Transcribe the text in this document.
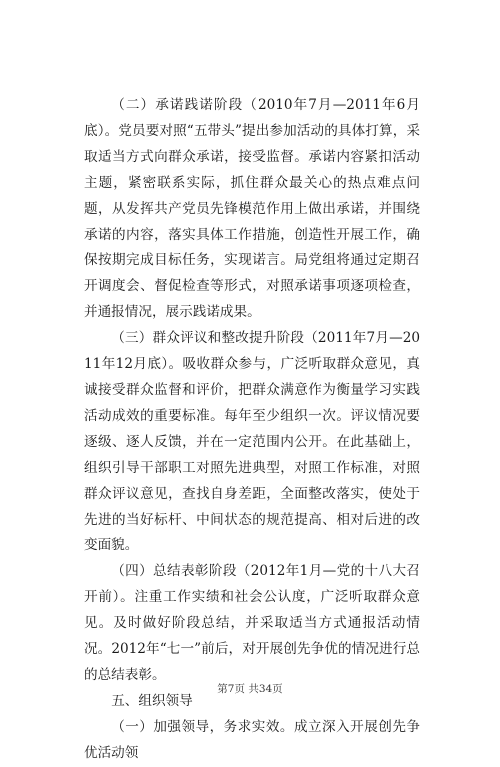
（二）承诺践诺阶段（2010年7月—2011年6月底）。党员要对照“五带头”提出参加活动的具体打算，采取适当方式向群众承诺，接受监督。承诺内容紧扣活动主题，紧密联系实际，抓住群众最关心的热点难点问题，从发挥共产党员先锋模范作用上做出承诺，并围绕承诺的内容，落实具体工作措施，创造性开展工作，确保按期完成目标任务，实现诺言。局党组将通过定期召开调度会、督促检查等形式，对照承诺事项逐项检查，并通报情况，展示践诺成果。

（三）群众评议和整改提升阶段（2011年7月—2011年12月底）。吸收群众参与，广泛听取群众意见，真诚接受群众监督和评价，把群众满意作为衡量学习实践活动成效的重要标准。每年至少组织一次。评议情况要逐级、逐人反馈，并在一定范围内公开。在此基础上，组织引导干部职工对照先进典型，对照工作标准，对照群众评议意见，查找自身差距，全面整改落实，使处于先进的当好标杆、中间状态的规范提高、相对后进的改变面貌。

（四）总结表彰阶段（2012年1月—党的十八大召开前）。注重工作实绩和社会公认度，广泛听取群众意见。及时做好阶段总结，并采取适当方式通报活动情况。2012年“七一”前后，对开展创先争优的情况进行总的总结表彰。

五、组织领导

（一）加强领导，务求实效。成立深入开展创先争优活动领

第7页 共34页
